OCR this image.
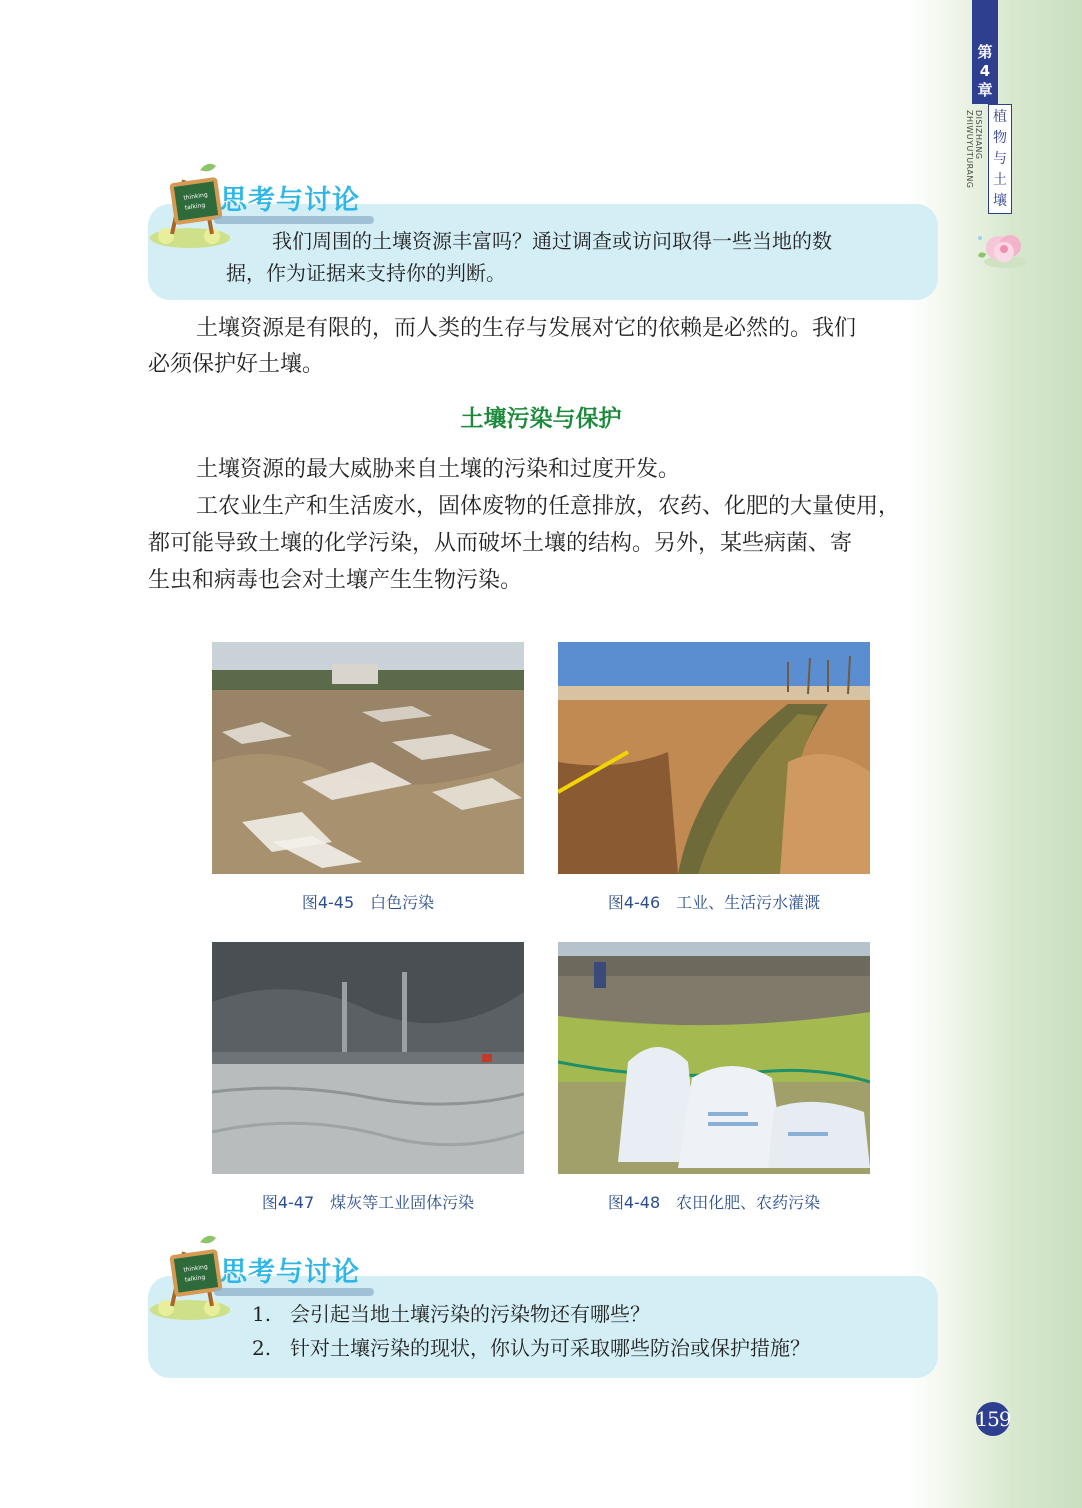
第
4
章
DISIZHANG ZHIWUYUTURANG	植
物
与
土
壤
thinking
talking 思考与讨论
我们周围的土壤资源丰富吗？通过调查或访问取得一些当地的数
据，作为证据来支持你的判断。
土壤资源是有限的，而人类的生存与发展对它的依赖是必然的。我们
必须保护好土壤。
土壤污染与保护
土壤资源的最大威胁来自土壤的污染和过度开发。
工农业生产和生活废水，固体废物的任意排放，农药、化肥的大量使用，
都可能导致土壤的化学污染，从而破坏土壤的结构。另外，某些病菌、寄
生虫和病毒也会对土壤产生生物污染。
图4-45　白色污染	图4-46　工业、生活污水灌溉
图4-47　煤灰等工业固体污染	图4-48　农田化肥、农药污染
thinking
talking 思考与讨论
1. 会引起当地土壤污染的污染物还有哪些？
2. 针对土壤污染的现状，你认为可采取哪些防治或保护措施？
159
